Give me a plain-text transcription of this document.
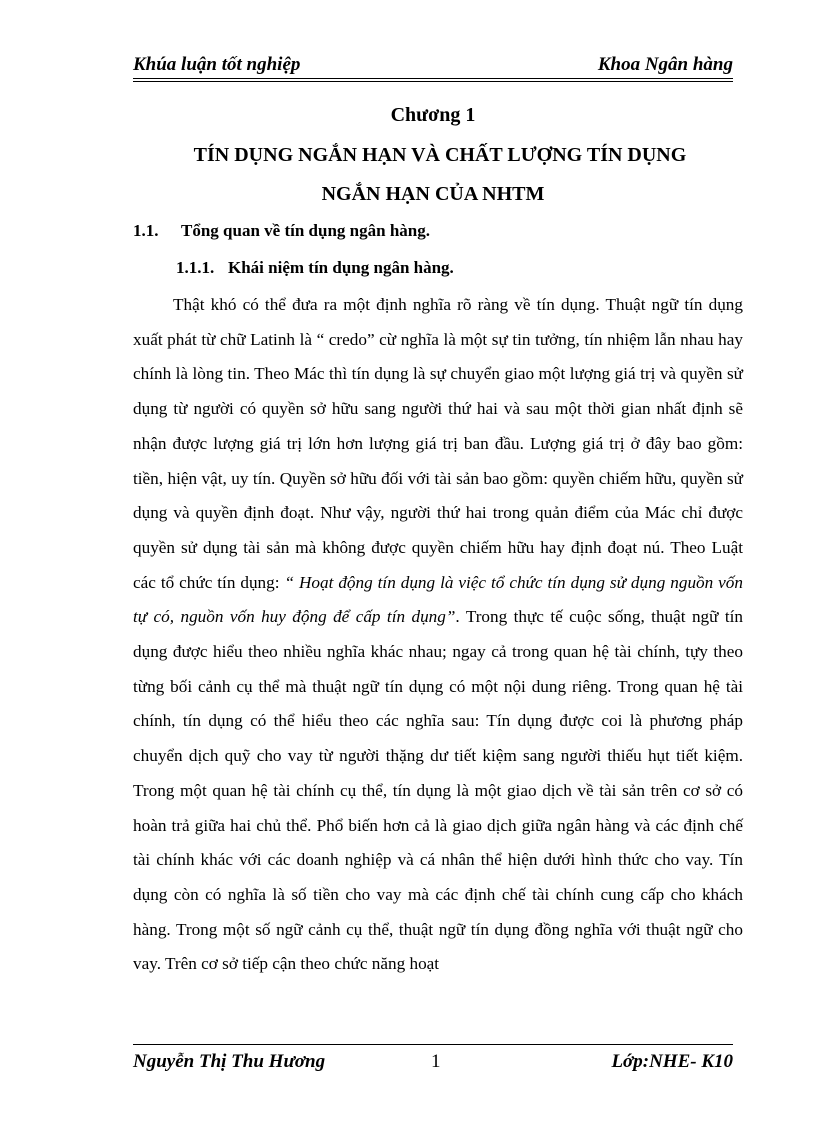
Khúa luận tốt nghiệp	Khoa Ngân hàng
Chương 1
TÍN DỤNG NGẮN HẠN VÀ CHẤT LƯỢNG TÍN DỤNG
NGẮN HẠN CỦA NHTM
1.1. Tổng quan về tín dụng ngân hàng.
1.1.1. Khái niệm tín dụng ngân hàng.

Thật khó có thể đưa ra một định nghĩa rõ ràng về tín dụng. Thuật ngữ tín dụng xuất phát từ chữ Latinh là “ credo” cừ nghĩa là một sự tin tưởng, tín nhiệm lẫn nhau hay chính là lòng tin. Theo Mác thì tín dụng là sự chuyển giao một lượng giá trị và quyền sử dụng từ người có quyền sở hữu sang người thứ hai và sau một thời gian nhất định sẽ nhận được lượng giá trị lớn hơn lượng giá trị ban đầu. Lượng giá trị ở đây bao gồm: tiền, hiện vật, uy tín. Quyền sở hữu đối với tài sản bao gồm: quyền chiếm hữu, quyền sử dụng và quyền định đoạt. Như vậy, người thứ hai trong quản điểm của Mác chỉ được quyền sử dụng tài sản mà không được quyền chiếm hữu hay định đoạt nú. Theo Luật các tổ chức tín dụng: “ Hoạt động tín dụng là việc tổ chức tín dụng sử dụng nguồn vốn tự có, nguồn vốn huy động để cấp tín dụng”. Trong thực tế cuộc sống, thuật ngữ tín dụng được hiểu theo nhiều nghĩa khác nhau; ngay cả trong quan hệ tài chính, tựy theo từng bối cảnh cụ thể mà thuật ngữ tín dụng có một nội dung riêng. Trong quan hệ tài chính, tín dụng có thể hiểu theo các nghĩa sau: Tín dụng được coi là phương pháp chuyển dịch quỹ cho vay từ người thặng dư tiết kiệm sang người thiếu hụt tiết kiệm. Trong một quan hệ tài chính cụ thể, tín dụng là một giao dịch về tài sản trên cơ sở có hoàn trả giữa hai chủ thể. Phổ biến hơn cả là giao dịch giữa ngân hàng và các định chế tài chính khác với các doanh nghiệp và cá nhân thể hiện dưới hình thức cho vay. Tín dụng còn có nghĩa là số tiền cho vay mà các định chế tài chính cung cấp cho khách hàng. Trong một số ngữ cảnh cụ thể, thuật ngữ tín dụng đồng nghĩa với thuật ngữ cho vay. Trên cơ sở tiếp cận theo chức năng hoạt

Nguyễn Thị Thu Hương	1	Lớp:NHE- K10
